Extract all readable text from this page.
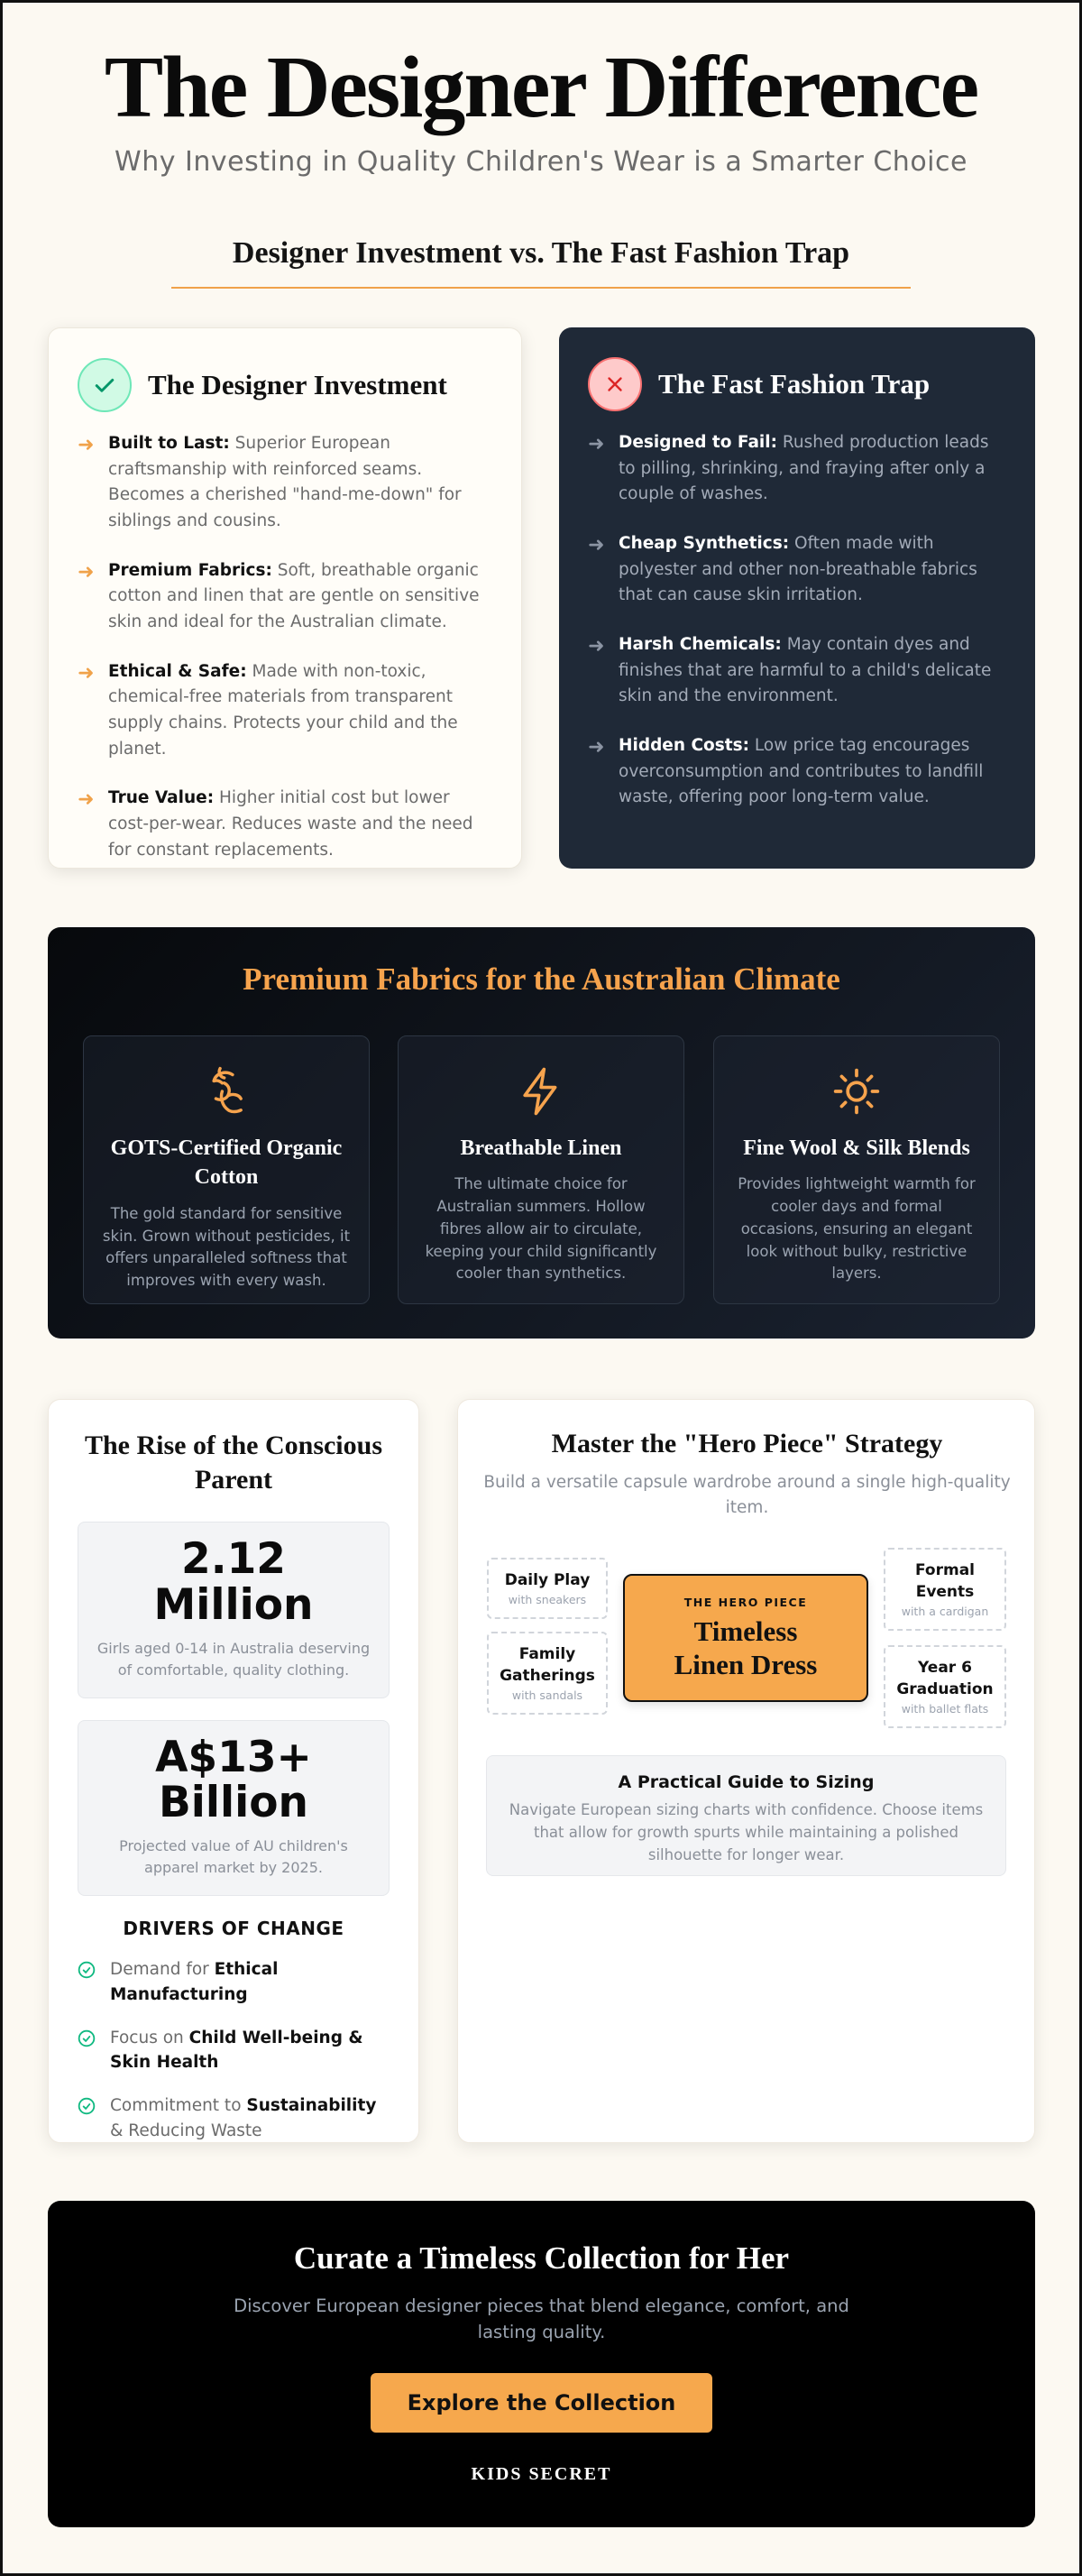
The Designer Difference
Why Investing in Quality Children's Wear is a Smarter Choice
Designer Investment vs. The Fast Fashion Trap
The Designer Investment
➜ Built to Last: Superior European craftsmanship with reinforced seams. Becomes a cherished "hand-me-down" for siblings and cousins.
➜ Premium Fabrics: Soft, breathable organic cotton and linen that are gentle on sensitive skin and ideal for the Australian climate.
➜ Ethical & Safe: Made with non-toxic, chemical-free materials from transparent supply chains. Protects your child and the planet.
➜ True Value: Higher initial cost but lower cost-per-wear. Reduces waste and the need for constant replacements.
The Fast Fashion Trap
➜ Designed to Fail: Rushed production leads to pilling, shrinking, and fraying after only a couple of washes.
➜ Cheap Synthetics: Often made with polyester and other non-breathable fabrics that can cause skin irritation.
➜ Harsh Chemicals: May contain dyes and finishes that are harmful to a child's delicate skin and the environment.
➜ Hidden Costs: Low price tag encourages overconsumption and contributes to landfill waste, offering poor long-term value.
Premium Fabrics for the Australian Climate
GOTS-Certified Organic Cotton
The gold standard for sensitive skin. Grown without pesticides, it offers unparalleled softness that improves with every wash.
Breathable Linen
The ultimate choice for Australian summers. Hollow fibres allow air to circulate, keeping your child significantly cooler than synthetics.
Fine Wool & Silk Blends
Provides lightweight warmth for cooler days and formal occasions, ensuring an elegant look without bulky, restrictive layers.
The Rise of the Conscious Parent
2.12 Million
Girls aged 0-14 in Australia deserving of comfortable, quality clothing.
A$13+ Billion
Projected value of AU children's apparel market by 2025.
DRIVERS OF CHANGE
Demand for Ethical Manufacturing
Focus on Child Well-being & Skin Health
Commitment to Sustainability & Reducing Waste
Master the "Hero Piece" Strategy
Build a versatile capsule wardrobe around a single high-quality item.
Daily Play
with sneakers
Family Gatherings
with sandals
Formal Events
with a cardigan
Year 6 Graduation
with ballet flats
THE HERO PIECE
Timeless Linen Dress
A Practical Guide to Sizing
Navigate European sizing charts with confidence. Choose items that allow for growth spurts while maintaining a polished silhouette for longer wear.
Curate a Timeless Collection for Her
Discover European designer pieces that blend elegance, comfort, and lasting quality.
Explore the Collection
KIDS SECRET
